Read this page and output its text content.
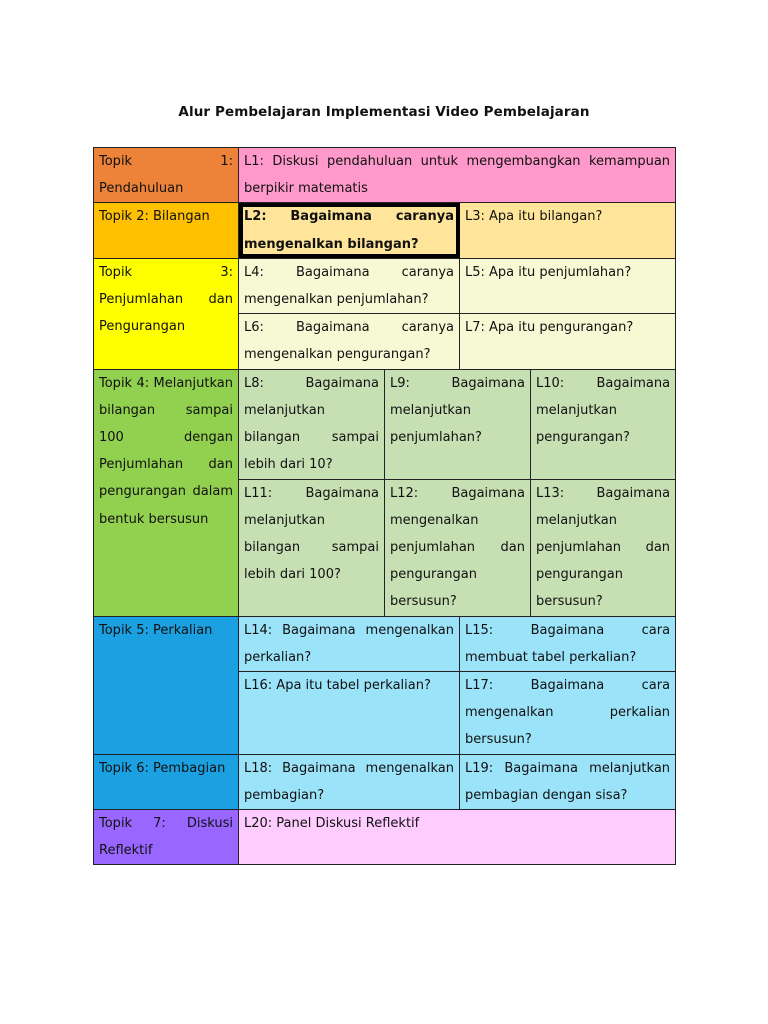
Alur Pembelajaran Implementasi Video Pembelajaran
Topik 1: Pendahuluan	L1: Diskusi pendahuluan untuk mengembangkan kemampuan berpikir matematis			
Topik 2: Bilangan	L2: Bagaimana caranya mengenalkan bilangan?		L3: Apa itu bilangan?	
Topik 3: Penjumlahan dan Pengurangan	L4: Bagaimana caranya mengenalkan penjumlahan?		L5: Apa itu penjumlahan?	
	L6: Bagaimana caranya mengenalkan pengurangan?		L7: Apa itu pengurangan?	
Topik 4: Melanjutkan bilangan sampai 100 dengan Penjumlahan dan pengurangan dalam bentuk bersusun	L8: Bagaimana melanjutkan bilangan sampai lebih dari 10?	L9: Bagaimana melanjutkan penjumlahan?		L10: Bagaimana melanjutkan pengurangan?
	L11: Bagaimana melanjutkan bilangan sampai lebih dari 100?	L12: Bagaimana mengenalkan penjumlahan dan pengurangan bersusun?		L13: Bagaimana melanjutkan penjumlahan dan pengurangan bersusun?
Topik 5: Perkalian	L14: Bagaimana mengenalkan perkalian?		L15: Bagaimana cara membuat tabel perkalian?	
	L16: Apa itu tabel perkalian?		L17: Bagaimana cara mengenalkan perkalian bersusun?	
Topik 6: Pembagian	L18: Bagaimana mengenalkan pembagian?		L19: Bagaimana melanjutkan pembagian dengan sisa?	
Topik 7: Diskusi Reflektif	L20: Panel Diskusi Reflektif			
